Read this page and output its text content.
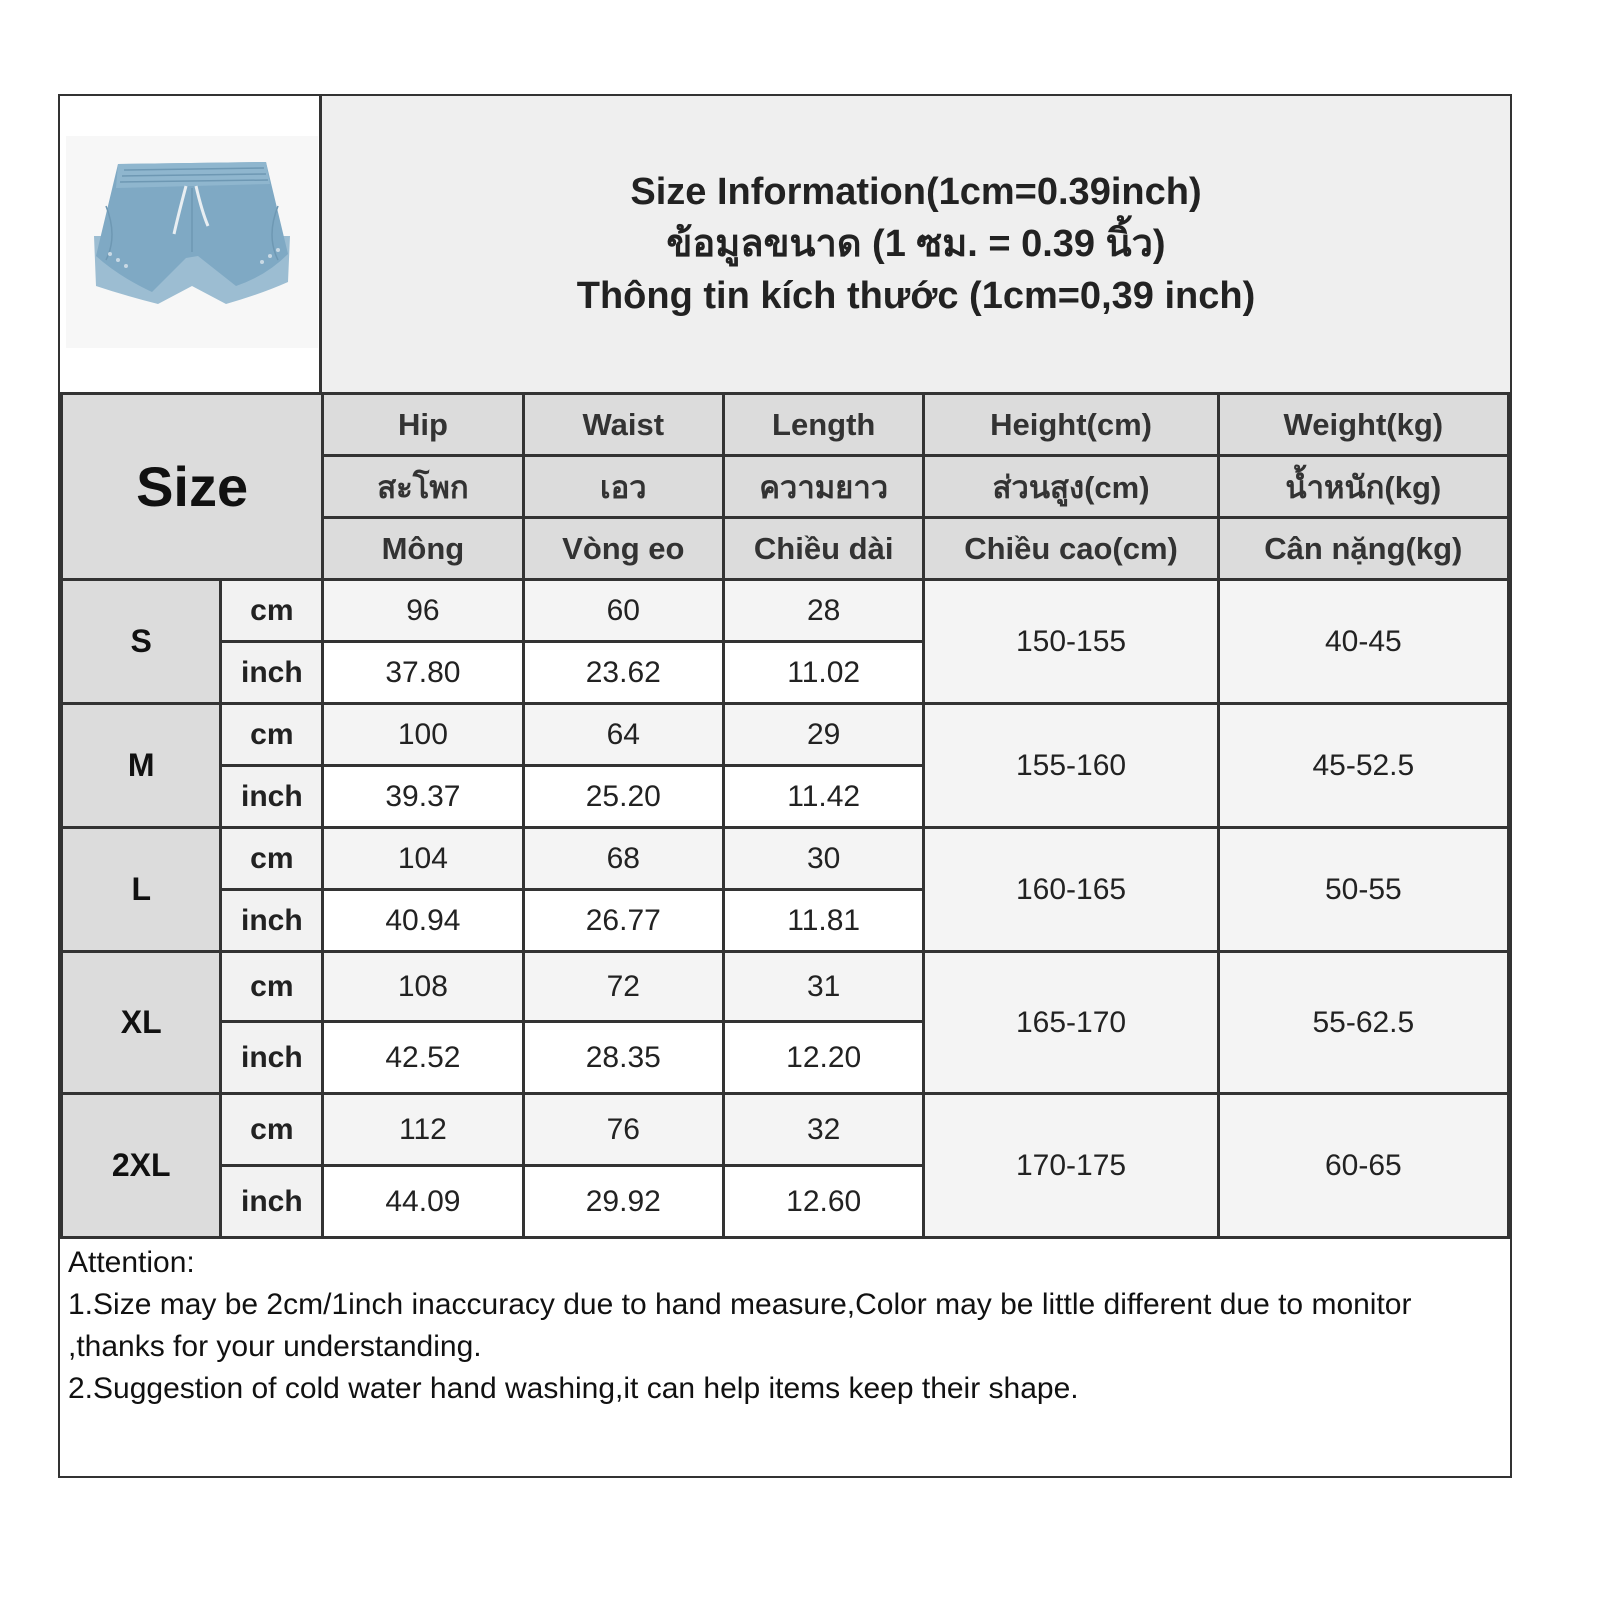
Size Information(1cm=0.39inch)
ข้อมูลขนาด (1 ซม. = 0.39 นิ้ว)
Thông tin kích thước (1cm=0,39 inch)
Size		Hip	Waist	Length	Height(cm)	Weight(kg)
		สะโพก	เอว	ความยาว	ส่วนสูง(cm)	น้ำหนัก(kg)
		Mông	Vòng eo	Chiều dài	Chiều cao(cm)	Cân nặng(kg)
S	cm	96	60	28	150-155	40-45
	inch	37.80	23.62	11.02		
M	cm	100	64	29	155-160	45-52.5
	inch	39.37	25.20	11.42		
L	cm	104	68	30	160-165	50-55
	inch	40.94	26.77	11.81		
XL	cm	108	72	31	165-170	55-62.5
	inch	42.52	28.35	12.20		
2XL	cm	112	76	32	170-175	60-65
	inch	44.09	29.92	12.60		
Attention:
1.Size may be 2cm/1inch inaccuracy due to hand measure,Color may be little different due to monitor ,thanks for your understanding.
2.Suggestion of cold water hand washing,it can help items keep their shape.
